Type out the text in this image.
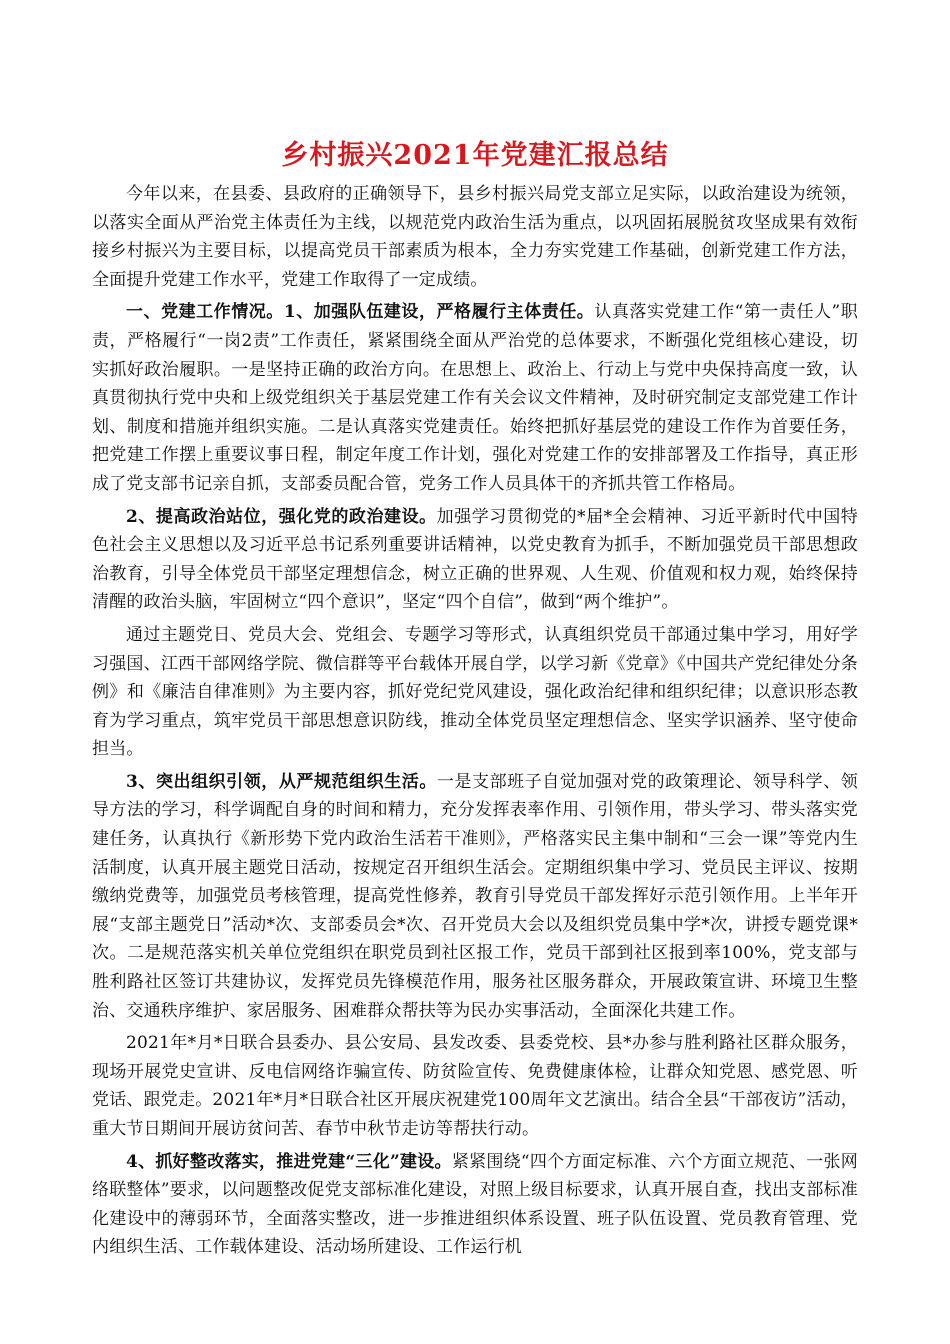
乡村振兴2021年党建汇报总结

今年以来，在县委、县政府的正确领导下，县乡村振兴局党支部立足实际，以政治建设为统领，以落实全面从严治党主体责任为主线，以规范党内政治生活为重点，以巩固拓展脱贫攻坚成果有效衔接乡村振兴为主要目标，以提高党员干部素质为根本，全力夯实党建工作基础，创新党建工作方法，全面提升党建工作水平，党建工作取得了一定成绩。

一、党建工作情况。1、加强队伍建设，严格履行主体责任。认真落实党建工作“第一责任人”职责，严格履行“一岗2责”工作责任，紧紧围绕全面从严治党的总体要求，不断强化党组核心建设，切实抓好政治履职。一是坚持正确的政治方向。在思想上、政治上、行动上与党中央保持高度一致，认真贯彻执行党中央和上级党组织关于基层党建工作有关会议文件精神，及时研究制定支部党建工作计划、制度和措施并组织实施。二是认真落实党建责任。始终把抓好基层党的建设工作作为首要任务，把党建工作摆上重要议事日程，制定年度工作计划，强化对党建工作的安排部署及工作指导，真正形成了党支部书记亲自抓，支部委员配合管，党务工作人员具体干的齐抓共管工作格局。

2、提高政治站位，强化党的政治建设。加强学习贯彻党的*届*全会精神、习近平新时代中国特色社会主义思想以及习近平总书记系列重要讲话精神，以党史教育为抓手，不断加强党员干部思想政治教育，引导全体党员干部坚定理想信念，树立正确的世界观、人生观、价值观和权力观，始终保持清醒的政治头脑，牢固树立“四个意识”，坚定“四个自信”，做到“两个维护”。

通过主题党日、党员大会、党组会、专题学习等形式，认真组织党员干部通过集中学习，用好学习强国、江西干部网络学院、微信群等平台载体开展自学，以学习新《党章》《中国共产党纪律处分条例》和《廉洁自律准则》为主要内容，抓好党纪党风建设，强化政治纪律和组织纪律；以意识形态教育为学习重点，筑牢党员干部思想意识防线，推动全体党员坚定理想信念、坚实学识涵养、坚守使命担当。

3、突出组织引领，从严规范组织生活。一是支部班子自觉加强对党的政策理论、领导科学、领导方法的学习，科学调配自身的时间和精力，充分发挥表率作用、引领作用，带头学习、带头落实党建任务，认真执行《新形势下党内政治生活若干准则》，严格落实民主集中制和“三会一课”等党内生活制度，认真开展主题党日活动，按规定召开组织生活会。定期组织集中学习、党员民主评议、按期缴纳党费等，加强党员考核管理，提高党性修养，教育引导党员干部发挥好示范引领作用。上半年开展“支部主题党日”活动*次、支部委员会*次、召开党员大会以及组织党员集中学*次，讲授专题党课*次。二是规范落实机关单位党组织在职党员到社区报工作，党员干部到社区报到率100%，党支部与胜利路社区签订共建协议，发挥党员先锋模范作用，服务社区服务群众，开展政策宣讲、环境卫生整治、交通秩序维护、家居服务、困难群众帮扶等为民办实事活动，全面深化共建工作。

2021年*月*日联合县委办、县公安局、县发改委、县委党校、县*办参与胜利路社区群众服务，现场开展党史宣讲、反电信网络诈骗宣传、防贫险宣传、免费健康体检，让群众知党恩、感党恩、听党话、跟党走。2021年*月*日联合社区开展庆祝建党100周年文艺演出。结合全县“干部夜访”活动，重大节日期间开展访贫问苦、春节中秋节走访等帮扶行动。

4、抓好整改落实，推进党建“三化”建设。紧紧围绕“四个方面定标准、六个方面立规范、一张网络联整体”要求，以问题整改促党支部标准化建设，对照上级目标要求，认真开展自查，找出支部标准化建设中的薄弱环节，全面落实整改，进一步推进组织体系设置、班子队伍设置、党员教育管理、党内组织生活、工作载体建设、活动场所建设、工作运行机
